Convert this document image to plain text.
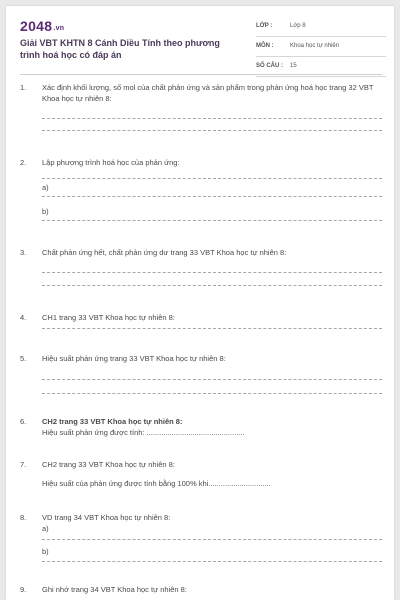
2048.vn
Giải VBT KHTN 8 Cánh Diều Tính theo phương trình hoá học có đáp án
LỚP :	Lớp 8
MÔN :	Khoa học tự nhiên
SỐ CÂU : 15
1. Xác định khối lượng, số mol của chất phản ứng và sản phẩm trong phản ứng hoá học trang 32 VBT Khoa học tự nhiên 8:
2. Lập phương trình hoá học của phản ứng:
a)
b)
3. Chất phản ứng hết, chất phản ứng dư trang 33 VBT Khoa học tự nhiên 8:
4. CH1 trang 33 VBT Khoa học tự nhiên 8:
5. Hiệu suất phản ứng trang 33 VBT Khoa học tự nhiên 8:
6. CH2 trang 33 VBT Khoa học tự nhiên 8:
Hiệu suất phản ứng được tính: ...............................................
7. CH2 trang 33 VBT Khoa học tự nhiên 8:
Hiệu suất của phản ứng được tính bằng 100% khi..............................
8. VD trang 34 VBT Khoa học tự nhiên 8:
a)
b)
9. Ghi nhớ trang 34 VBT Khoa học tự nhiên 8:
